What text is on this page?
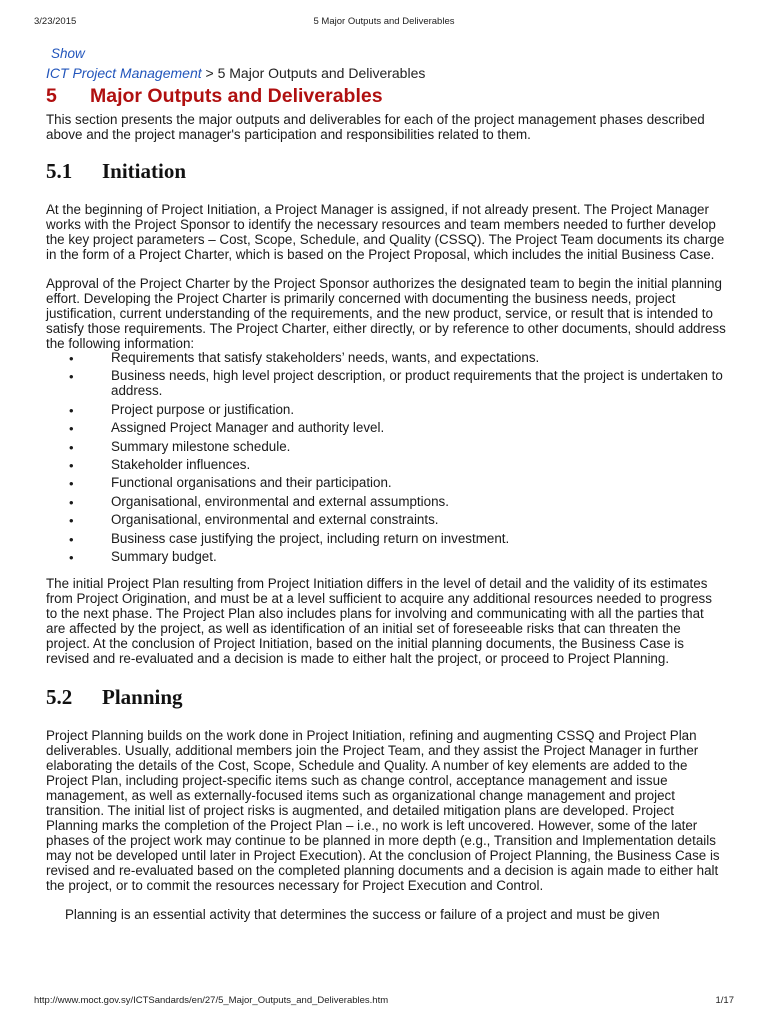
3/23/2015	5 Major Outputs and Deliverables
Show
ICT Project Management > 5 Major Outputs and Deliverables
5 Major Outputs and Deliverables

This section presents the major outputs and deliverables for each of the project management phases described above and the project manager's participation and responsibilities related to them.

5.1 Initiation

At the beginning of Project Initiation, a Project Manager is assigned, if not already present. The Project Manager works with the Project Sponsor to identify the necessary resources and team members needed to further develop the key project parameters – Cost, Scope, Schedule, and Quality (CSSQ). The Project Team documents its charge in the form of a Project Charter, which is based on the Project Proposal, which includes the initial Business Case.

Approval of the Project Charter by the Project Sponsor authorizes the designated team to begin the initial planning effort. Developing the Project Charter is primarily concerned with documenting the business needs, project justification, current understanding of the requirements, and the new product, service, or result that is intended to satisfy those requirements. The Project Charter, either directly, or by reference to other documents, should address the following information:

• Requirements that satisfy stakeholders’ needs, wants, and expectations.
• Business needs, high level project description, or product requirements that the project is undertaken to address.
• Project purpose or justification.
• Assigned Project Manager and authority level.
• Summary milestone schedule.
• Stakeholder influences.
• Functional organisations and their participation.
• Organisational, environmental and external assumptions.
• Organisational, environmental and external constraints.
• Business case justifying the project, including return on investment.
• Summary budget.

The initial Project Plan resulting from Project Initiation differs in the level of detail and the validity of its estimates from Project Origination, and must be at a level sufficient to acquire any additional resources needed to progress to the next phase. The Project Plan also includes plans for involving and communicating with all the parties that are affected by the project, as well as identification of an initial set of foreseeable risks that can threaten the project. At the conclusion of Project Initiation, based on the initial planning documents, the Business Case is revised and re-evaluated and a decision is made to either halt the project, or proceed to Project Planning.

5.2 Planning

Project Planning builds on the work done in Project Initiation, refining and augmenting CSSQ and Project Plan deliverables. Usually, additional members join the Project Team, and they assist the Project Manager in further elaborating the details of the Cost, Scope, Schedule and Quality. A number of key elements are added to the Project Plan, including project-specific items such as change control, acceptance management and issue management, as well as externally-focused items such as organizational change management and project transition. The initial list of project risks is augmented, and detailed mitigation plans are developed. Project Planning marks the completion of the Project Plan – i.e., no work is left uncovered. However, some of the later phases of the project work may continue to be planned in more depth (e.g., Transition and Implementation details may not be developed until later in Project Execution). At the conclusion of Project Planning, the Business Case is revised and re-evaluated based on the completed planning documents and a decision is again made to either halt the project, or to commit the resources necessary for Project Execution and Control.

Planning is an essential activity that determines the success or failure of a project and must be given

http://www.moct.gov.sy/ICTSandards/en/27/5_Major_Outputs_and_Deliverables.htm	1/17
